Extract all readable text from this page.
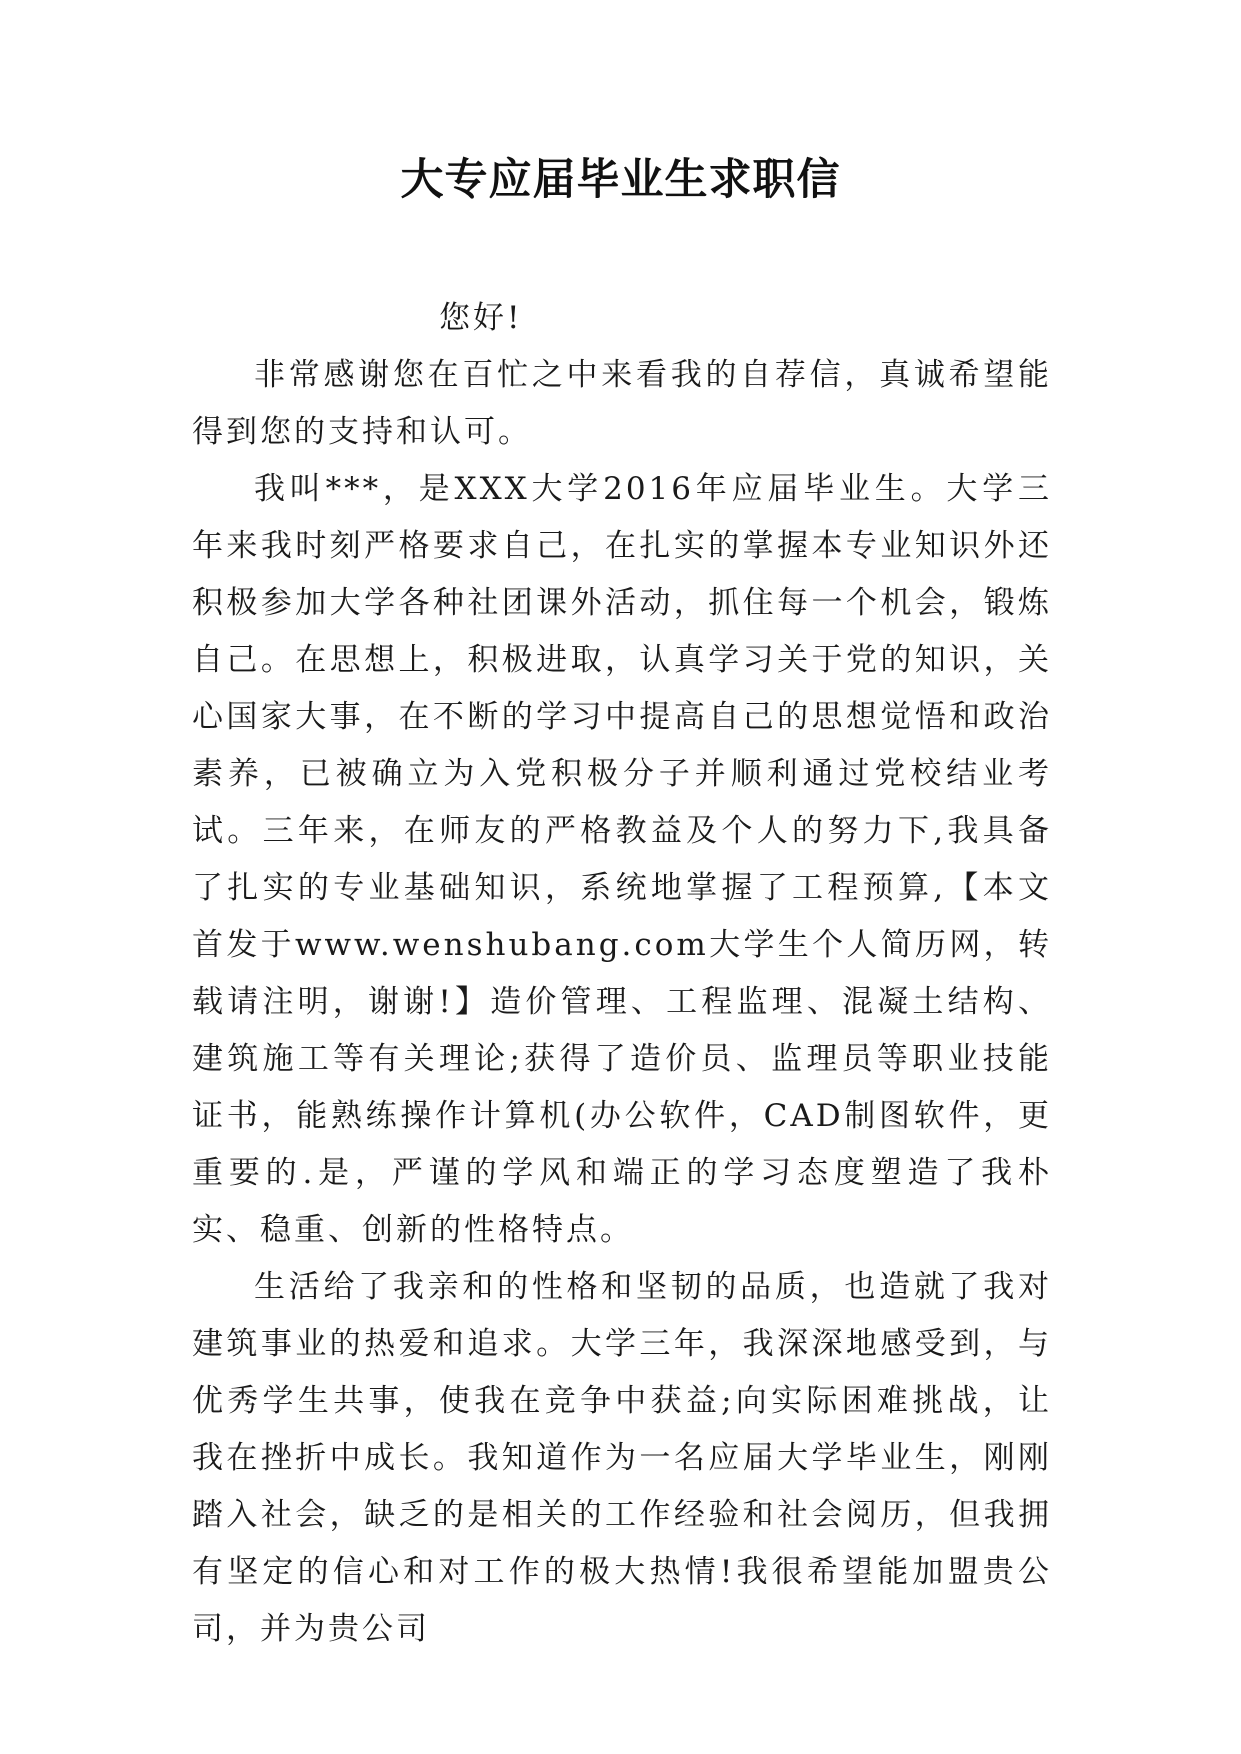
大专应届毕业生求职信

您好!

非常感谢您在百忙之中来看我的自荐信，真诚希望能得到您的支持和认可。

我叫***，是XXX大学2016年应届毕业生。大学三年来我时刻严格要求自己，在扎实的掌握本专业知识外还积极参加大学各种社团课外活动，抓住每一个机会，锻炼自己。在思想上，积极进取，认真学习关于党的知识，关心国家大事，在不断的学习中提高自己的思想觉悟和政治素养，已被确立为入党积极分子并顺利通过党校结业考试。三年来，在师友的严格教益及个人的努力下,我具备了扎实的专业基础知识，系统地掌握了工程预算,【本文首发于www.wenshubang.com大学生个人简历网，转载请注明，谢谢!】造价管理、工程监理、混凝土结构、建筑施工等有关理论;获得了造价员、监理员等职业技能证书，能熟练操作计算机(办公软件，CAD制图软件，更重要的.是，严谨的学风和端正的学习态度塑造了我朴实、稳重、创新的性格特点。

生活给了我亲和的性格和坚韧的品质，也造就了我对建筑事业的热爱和追求。大学三年，我深深地感受到，与优秀学生共事，使我在竞争中获益;向实际困难挑战，让我在挫折中成长。我知道作为一名应届大学毕业生，刚刚踏入社会，缺乏的是相关的工作经验和社会阅历，但我拥有坚定的信心和对工作的极大热情!我很希望能加盟贵公司，并为贵公司
